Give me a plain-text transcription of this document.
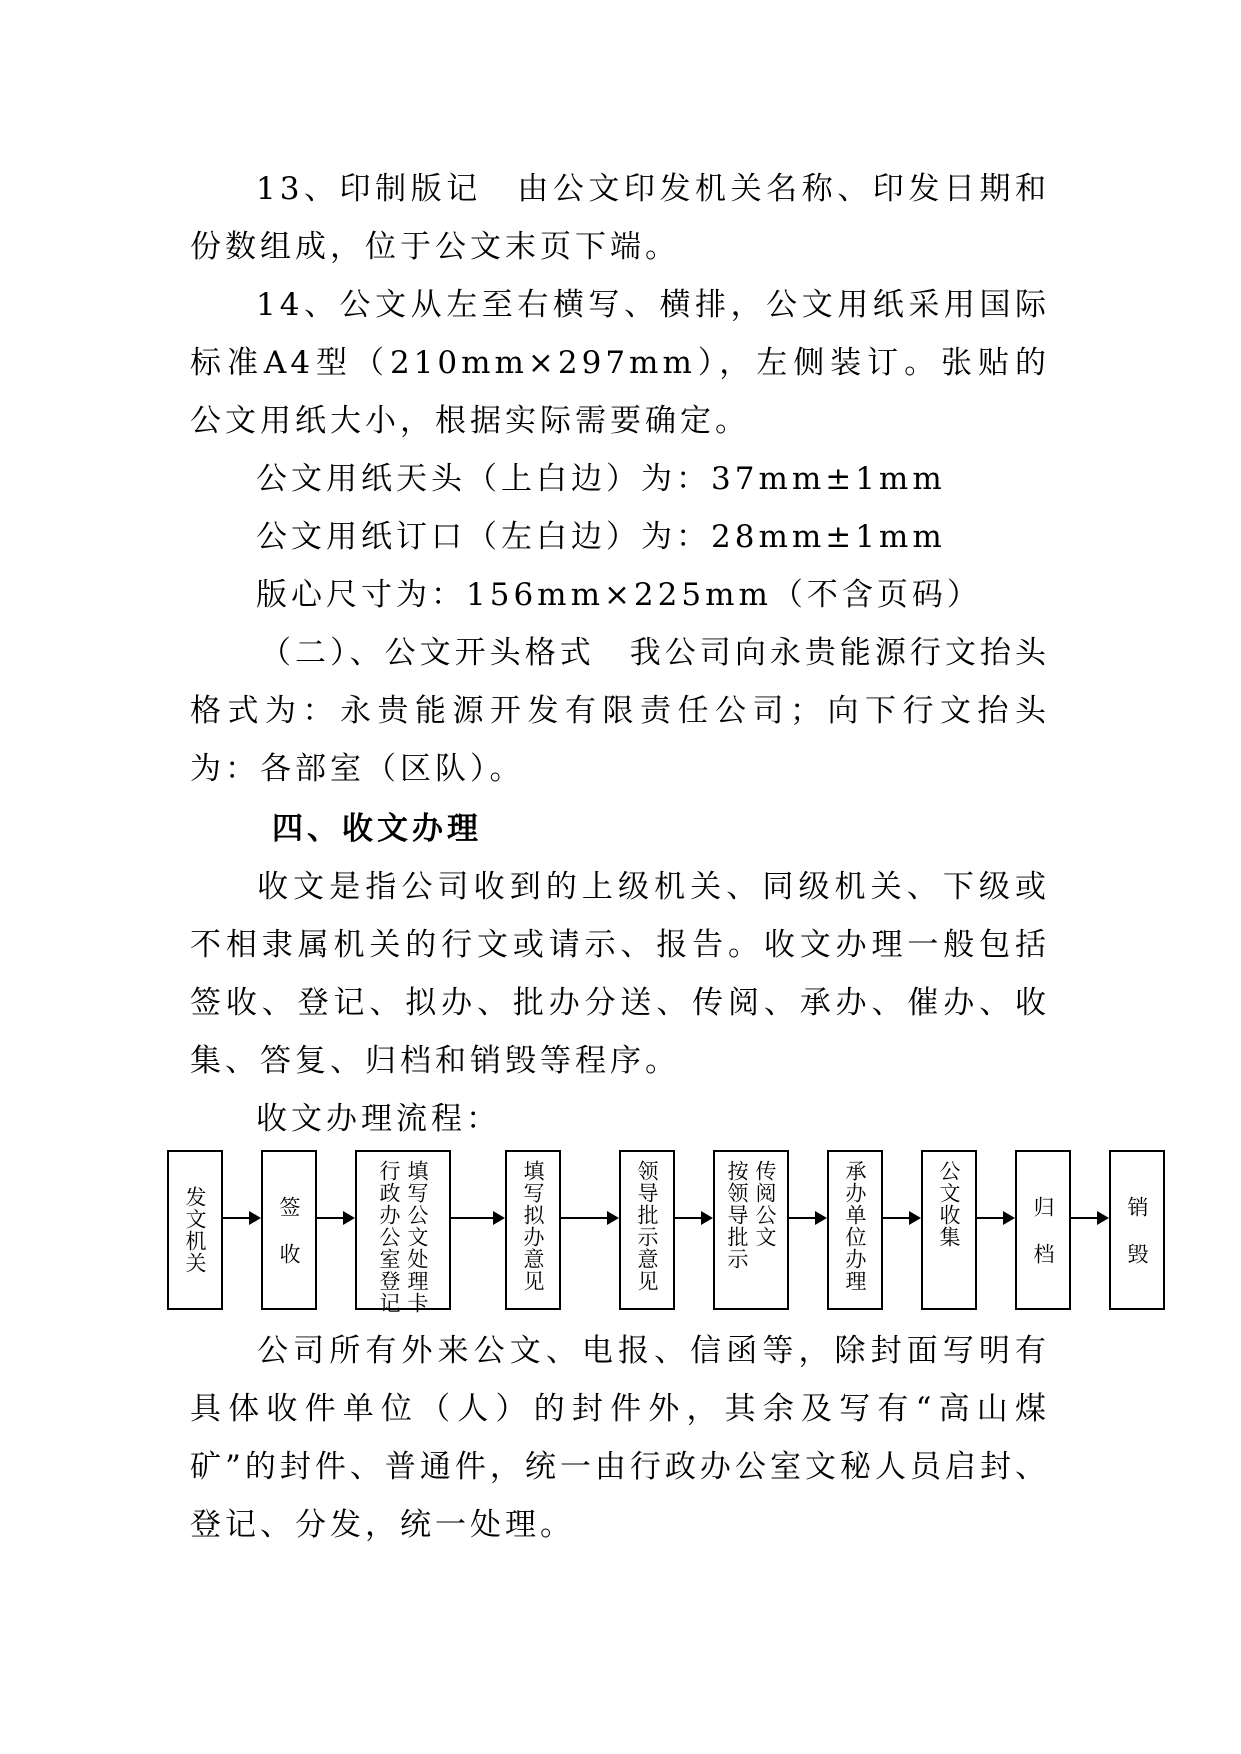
13、印制版记　由公文印发机关名称、印发日期和份数组成，位于公文末页下端。

14、公文从左至右横写、横排，公文用纸采用国际标准A4型（210mm×297mm），左侧装订。张贴的公文用纸大小，根据实际需要确定。

公文用纸天头（上白边）为：37mm±1mm

公文用纸订口（左白边）为：28mm±1mm

版心尺寸为：156mm×225mm（不含页码）

（二）、公文开头格式　我公司向永贵能源行文抬头格式为：永贵能源开发有限责任公司；向下行文抬头为：各部室（区队）。

四、收文办理

收文是指公司收到的上级机关、同级机关、下级或不相隶属机关的行文或请示、报告。收文办理一般包括签收、登记、拟办、批办分送、传阅、承办、催办、收集、答复、归档和销毁等程序。

收文办理流程：

发文机关	签 收	填写公文处理卡
行政办公室登记	填写拟办意见	领导批示意见	传阅公文
按领导批示	承办单位办理	公文收集	归 档	销 毁

公司所有外来公文、电报、信函等，除封面写明有具体收件单位（人）的封件外，其余及写有“高山煤矿”的封件、普通件，统一由行政办公室文秘人员启封、登记、分发，统一处理。
